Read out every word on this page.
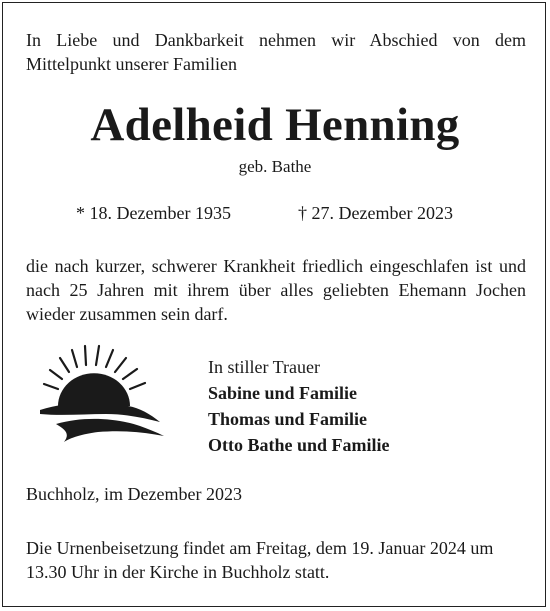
In Liebe und Dankbarkeit nehmen wir Abschied von dem Mittelpunkt unserer Familien
Adelheid Henning
geb. Bathe
* 18. Dezember 1935	† 27. Dezember 2023
die nach kurzer, schwerer Krankheit friedlich eingeschlafen ist und nach 25 Jahren mit ihrem über alles geliebten Ehemann Jochen wieder zusammen sein darf.
In stiller Trauer
Sabine und Familie
Thomas und Familie
Otto Bathe und Familie
Buchholz, im Dezember 2023
Die Urnenbeisetzung findet am Freitag, dem 19. Januar 2024 um 13.30 Uhr in der Kirche in Buchholz statt.
